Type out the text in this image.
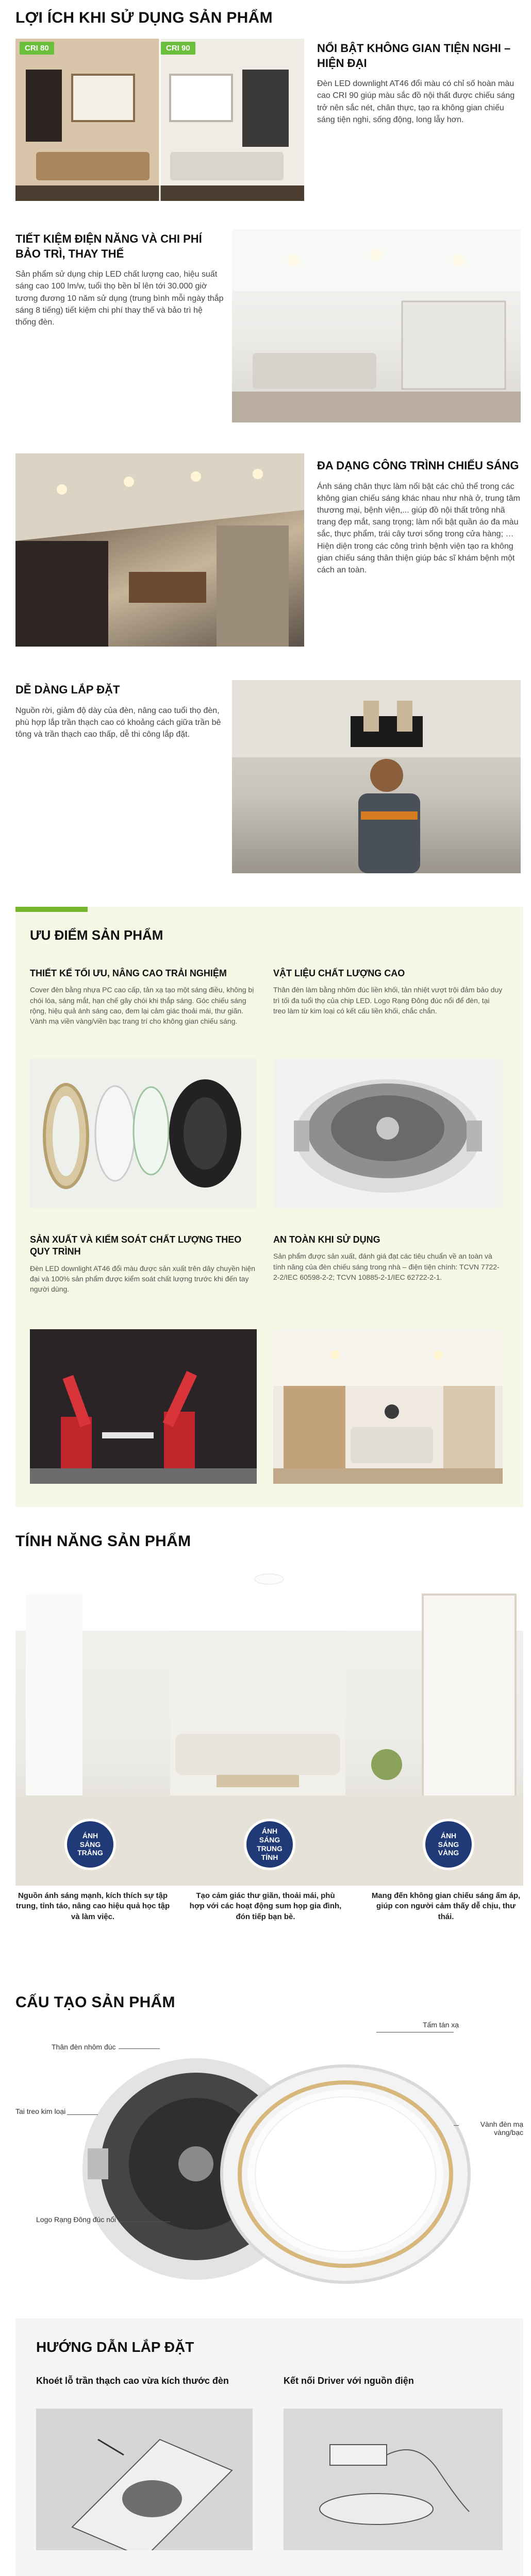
LỢI ÍCH KHI SỬ DỤNG SẢN PHẨM
CRI 80	CRI 90	NỔI BẬT KHÔNG GIAN TIỆN NGHI – HIỆN ĐẠI

Đèn LED downlight AT46 đổi màu có chỉ số hoàn màu cao CRI 90 giúp màu sắc đồ nội thất được chiếu sáng trở nên sắc nét, chân thực, tạo ra không gian chiếu sáng tiện nghi, sống động, long lẫy hơn.

TIẾT KIỆM ĐIỆN NĂNG VÀ CHI PHÍ BẢO TRÌ, THAY THẾ

Sản phẩm sử dụng chip LED chất lượng cao, hiệu suất sáng cao 100 lm/w, tuổi thọ bền bỉ lên tới 30.000 giờ tương đương 10 năm sử dụng (trung bình mỗi ngày thắp sáng 8 tiếng) tiết kiệm chi phí thay thế và bảo trì hệ thống đèn.

ĐA DẠNG CÔNG TRÌNH CHIẾU SÁNG

Ánh sáng chân thực làm nổi bật các chủ thể trong các không gian chiếu sáng khác nhau như nhà ở, trung tâm thương mại, bệnh viện,... giúp đồ nội thất trông nhã trang đẹp mắt, sang trọng; làm nổi bật quần áo đa màu sắc, thực phẩm, trái cây tươi sống trong cửa hàng; … Hiện diện trong các công trình bệnh viện tạo ra không gian chiếu sáng thân thiện giúp bác sĩ khám bệnh một cách an toàn.

DỄ DÀNG LẮP ĐẶT

Nguồn rời, giảm độ dày của đèn, nâng cao tuổi thọ đèn, phù hợp lắp trần thạch cao có khoảng cách giữa trần bê tông và trần thạch cao thấp, dễ thi công lắp đặt.

ƯU ĐIỂM SẢN PHẨM
THIẾT KẾ TỐI ƯU, NÂNG CAO TRẢI NGHIỆM

Cover đèn bằng nhựa PC cao cấp, tản xạ tạo một sáng điều, không bị chói lóa, sáng mắt, hạn chế gây chói khi thắp sáng. Góc chiếu sáng rộng, hiệu quả ánh sáng cao, đem lại cảm giác thoải mái, thư giãn. Vành mạ viền vàng/viền bạc trang trí cho không gian chiếu sáng.

VẬT LIỆU CHẤT LƯỢNG CAO

Thân đèn làm bằng nhôm đúc liền khối, tản nhiệt vượt trội đảm bảo duy trì tối đa tuổi thọ của chip LED. Logo Rạng Đông đúc nổi để đèn, tại treo làm từ kim loại có kết cấu liền khối, chắc chắn.

SẢN XUẤT VÀ KIỂM SOÁT CHẤT LƯỢNG THEO QUY TRÌNH

Đèn LED downlight AT46 đổi màu được sản xuất trên dây chuyền hiện đại và 100% sản phẩm được kiểm soát chất lượng trước khi đến tay người dùng.

AN TOÀN KHI SỬ DỤNG

Sản phẩm được sản xuất, đánh giá đạt các tiêu chuẩn về an toàn và tính năng của đèn chiếu sáng trong nhà – điện tiện chính: TCVN 7722-2-2/IEC 60598-2-2; TCVN 10885-2-1/IEC 62722-2-1.

TÍNH NĂNG SẢN PHẨM
ÁNH SÁNG TRẮNG
ÁNH SÁNG TRUNG TÍNH
ÁNH SÁNG VÀNG

Nguồn ánh sáng mạnh, kích thích sự tập trung, tỉnh táo, nâng cao hiệu quả học tập và làm việc.

Tạo cảm giác thư giãn, thoải mái, phù hợp với các hoạt động sum họp gia đình, đón tiếp bạn bè.

Mang đến không gian chiếu sáng ấm áp, giúp con người cảm thấy dễ chịu, thư thái.

CẤU TẠO SẢN PHẨM
Tấm tán xạ
Thân đèn nhôm đúc
Tai treo kim loại
Vành đèn mạ vàng/bạc
Logo Rạng Đông đúc nổi
HƯỚNG DẪN LẮP ĐẶT
Khoét lỗ trần thạch cao vừa kích thước đèn	Kết nối Driver với nguồn điện
